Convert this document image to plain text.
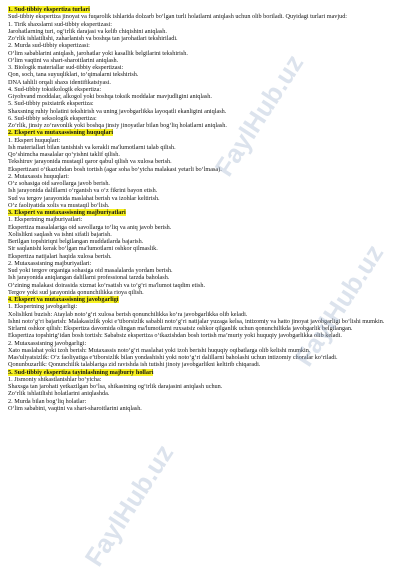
1. Sud-tibbiy ekspertiza turlari
Sud-tibbiy ekspertiza jinoyat va fuqarolik ishlarida dolzarb bo‘lgan turli holatlarni aniqlash uchun olib boriladi. Quyidagi turlari mavjud:
1. Tirik shaxslarni sud-tibbiy ekspertizasi:
Jarohatlarning turi, og‘irlik darajasi va kelib chiqishini aniqlash.
Zo‘rlik ishlatilishi, zaharlanish va boshqa tan jarohatlari tekshiriladi.
2. Murda sud-tibbiy ekspertizasi:
O‘lim sabablarini aniqlash, jarohatlar yoki kasallik belgilarini tekshirish.
O‘lim vaqtini va shart-sharoitlarini aniqlash.
3. Biologik materiallar sud-tibbiy ekspertizasi:
Qon, soch, tana suyuqliklari, to‘qimalarni tekshirish.
DNA tahlili orqali shaxs identifikatsiyasi.
4. Sud-tibbiy toksikologik ekspertiza:
Giyohvand moddalar, alkogol yoki boshqa toksik moddalar mavjudligini aniqlash.
5. Sud-tibbiy psixiatrik ekspertiza:
Shaxsning ruhiy holatini tekshirish va uning javobgarlikka layoqatli ekanligini aniqlash.
6. Sud-tibbiy seksologik ekspertiza:
Zo‘rlik, jinsiy zo‘ravonlik yoki boshqa jinsiy jinoyatlar bilan bog‘liq holatlarni aniqlash.
2. Ekspert va mutaxassisning huquqlari
1. Ekspert huquqlari:
Ish materiallari bilan tanishish va kerakli ma'lumotlarni talab qilish.
Qo‘shimcha masalalar qo‘yishni taklif qilish.
Tekshiruv jarayonida mustaqil qaror qabul qilish va xulosa berish.
Ekspertizani o‘tkazishdan bosh tortish (agar soha bo‘yicha malakasi yetarli bo‘lmasa).
2. Mutaxassis huquqlari:
O‘z sohasiga oid savollarga javob berish.
Ish jarayonida dalillarni o‘rganish va o‘z fikrini bayon etish.
Sud va tergov jarayonida maslahat berish va izohlar keltirish.
O‘z faoliyatida xolis va mustaqil bo‘lish.
3. Ekspert va mutaxassisning majburiyatlari
1. Ekspertning majburiyatlari:
Ekspertiza masalalariga oid savollarga to‘liq va aniq javob berish.
Xolislikni saqlash va ishni sifatli bajarish.
Berilgan topshiriqni belgilangan muddatlarda bajarish.
Sir saqlanishi kerak bo‘lgan ma'lumotlarni oshkor qilmaslik.
Ekspertiza natijalari haqida xulosa berish.
2. Mutaxassisning majburiyatlari:
Sud yoki tergov organiga sohasiga oid masalalarda yordam berish.
Ish jarayonida aniqlangan dalillarni professional tarzda baholash.
O‘zining malakasi doirasida xizmat ko‘rsatish va to‘g‘ri ma'lumot taqdim etish.
Tergov yoki sud jarayonida qonunchilikka rioya qilish.
4. Ekspert va mutaxassisning javobgarligi
1. Ekspertning javobgarligi:
Xolislikni buzish: Ataylab noto‘g‘ri xulosa berish qonunchilikka ko‘ra javobgarlikka olib keladi.
Ishni noto‘g‘ri bajarish: Malakasizlik yoki e’tiborsizlik sababli noto‘g‘ri natijalar yuzaga kelsa, intizomiy va hatto jinoyat javobgarligi bo‘lishi mumkin.
Sirlarni oshkor qilish: Ekspertiza davomida olingan ma'lumotlarni ruxsatsiz oshkor qilganlik uchun qonunchilikda javobgarlik belgilangan.
Ekspertiza topshirig‘idan bosh tortish: Sababsiz ekspertiza o‘tkazishdan bosh tortish ma’muriy yoki huquqiy javobgarlikka olib keladi.
2. Mutaxassisning javobgarligi:
Xato maslahat yoki izoh berish: Mutaxassis noto‘g‘ri maslahat yoki izoh berishi huquqiy oqibatlarga olib kelishi mumkin.
Mas'uliyatsizlik: O‘z faoliyatiga e’tiborsizlik bilan yondashishi yoki noto‘g‘ri dalillarni baholashi uchun intizomiy choralar ko‘riladi.
Qonunbuzarlik: Qonunchilik talablariga zid ravishda ish tutishi jinoiy javobgarlikni keltirib chiqaradi.
5. Sud-tibbiy ekspertiza tayinlashning majburiy hollari
1. Jismoniy shikastlanishlar bo‘yicha:
Shaxsga tan jarohati yetkazilgan bo‘lsa, shikastning og‘irlik darajasini aniqlash uchun.
Zo‘rlik ishlatilishi holatlarini aniqlashda.
2. Murda bilan bog‘liq holatlar:
O‘lim sababini, vaqtini va shart-sharoitlarini aniqlash.
FaylHub.uz
FaylHub.uz
FaylHub.uz
